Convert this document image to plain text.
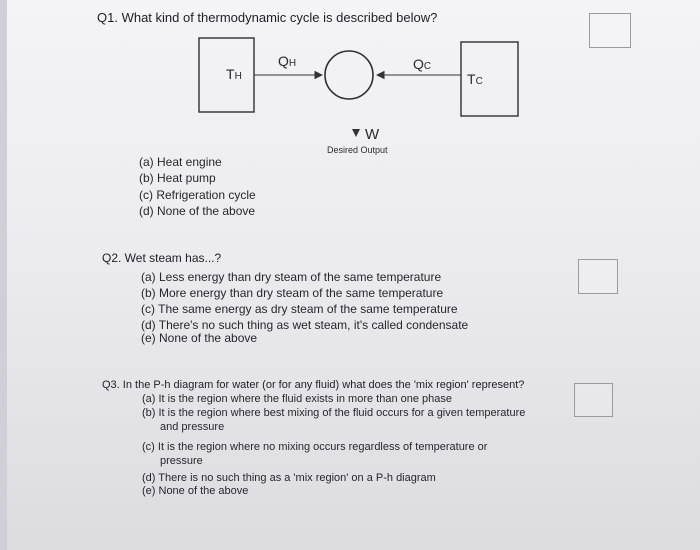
Q1. What kind of thermodynamic cycle is described below?
TH
QH	QC
TC
W
Desired Output
(a) Heat engine
(b) Heat pump
(c) Refrigeration cycle
(d) None of the above
Q2. Wet steam has...?
(a) Less energy than dry steam of the same temperature
(b) More energy than dry steam of the same temperature
(c) The same energy as dry steam of the same temperature
(d) There's no such thing as wet steam, it's called condensate
(e) None of the above
Q3. In the P-h diagram for water (or for any fluid) what does the 'mix region' represent?
(a) It is the region where the fluid exists in more than one phase
(b) It is the region where best mixing of the fluid occurs for a given temperature
and pressure
(c) It is the region where no mixing occurs regardless of temperature or
pressure
(d) There is no such thing as a 'mix region' on a P-h diagram
(e) None of the above
